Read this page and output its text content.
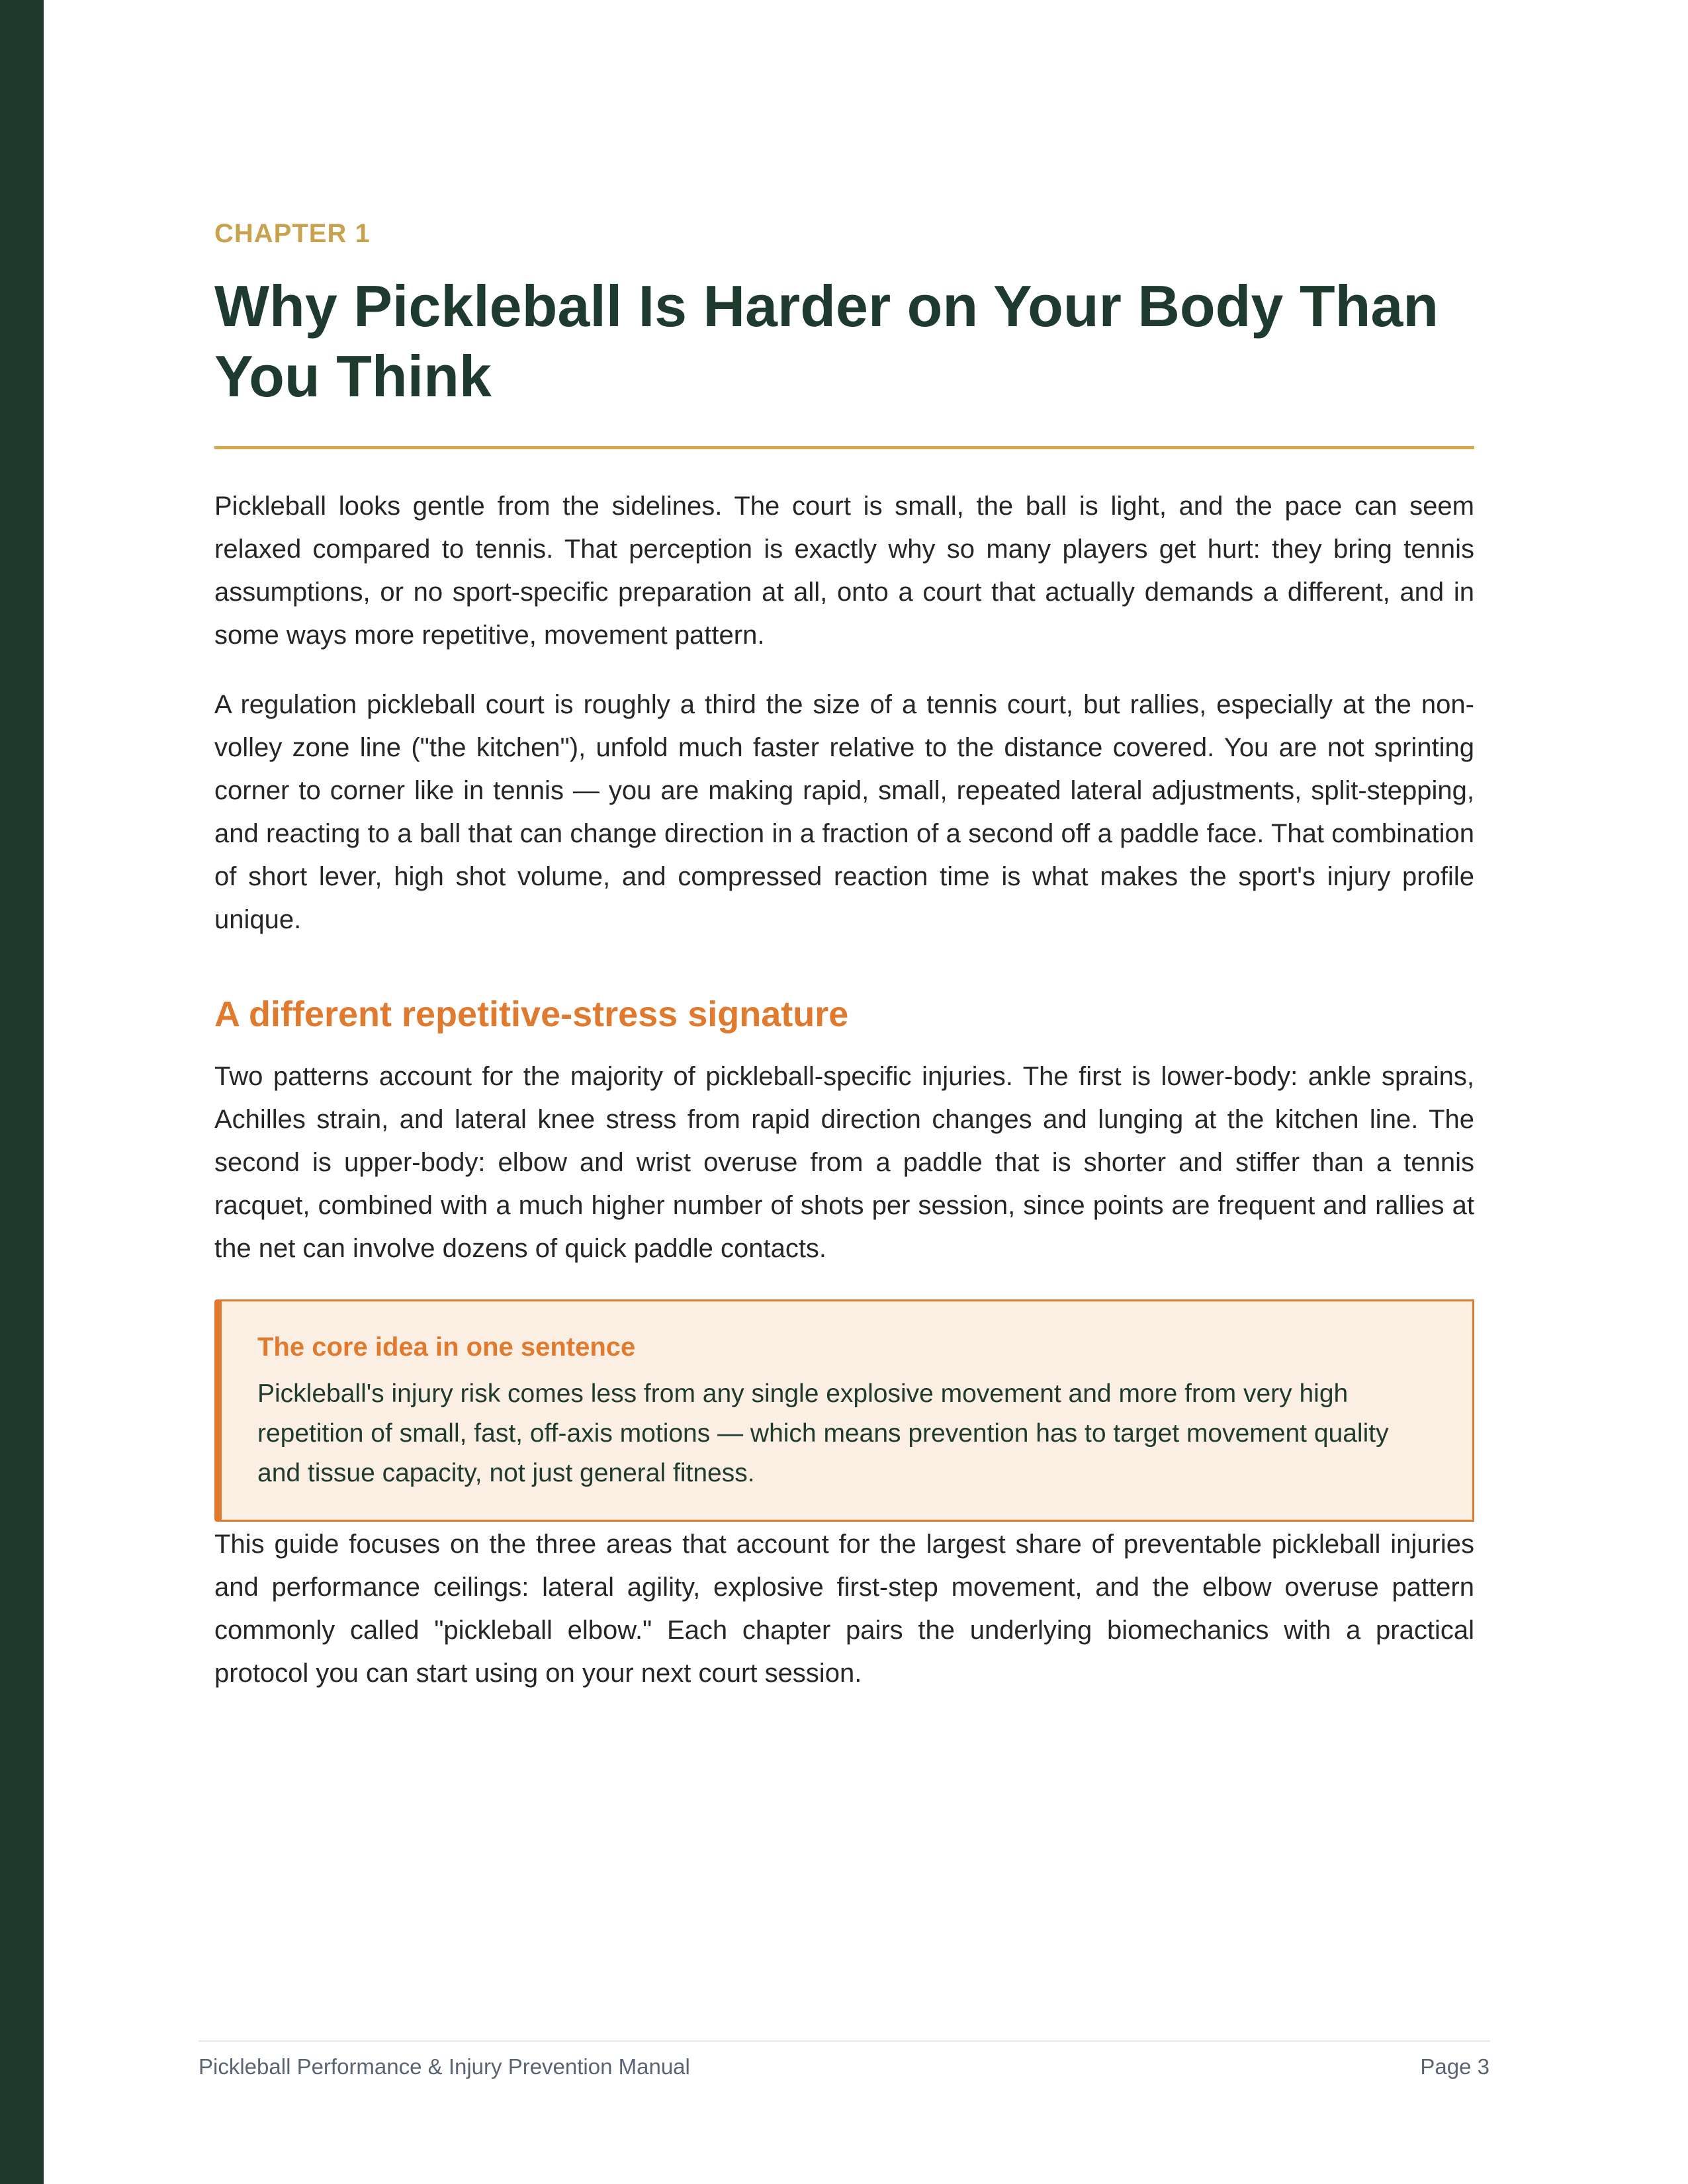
CHAPTER 1

Why Pickleball Is Harder on Your Body Than You Think

Pickleball looks gentle from the sidelines. The court is small, the ball is light, and the pace can seem relaxed compared to tennis. That perception is exactly why so many players get hurt: they bring tennis assumptions, or no sport-specific preparation at all, onto a court that actually demands a different, and in some ways more repetitive, movement pattern.

A regulation pickleball court is roughly a third the size of a tennis court, but rallies, especially at the non-volley zone line ("the kitchen"), unfold much faster relative to the distance covered. You are not sprinting corner to corner like in tennis — you are making rapid, small, repeated lateral adjustments, split-stepping, and reacting to a ball that can change direction in a fraction of a second off a paddle face. That combination of short lever, high shot volume, and compressed reaction time is what makes the sport's injury profile unique.

A different repetitive-stress signature

Two patterns account for the majority of pickleball-specific injuries. The first is lower-body: ankle sprains, Achilles strain, and lateral knee stress from rapid direction changes and lunging at the kitchen line. The second is upper-body: elbow and wrist overuse from a paddle that is shorter and stiffer than a tennis racquet, combined with a much higher number of shots per session, since points are frequent and rallies at the net can involve dozens of quick paddle contacts.

The core idea in one sentence

Pickleball's injury risk comes less from any single explosive movement and more from very high repetition of small, fast, off-axis motions — which means prevention has to target movement quality and tissue capacity, not just general fitness.

This guide focuses on the three areas that account for the largest share of preventable pickleball injuries and performance ceilings: lateral agility, explosive first-step movement, and the elbow overuse pattern commonly called "pickleball elbow." Each chapter pairs the underlying biomechanics with a practical protocol you can start using on your next court session.

Pickleball Performance & Injury Prevention Manual	Page 3
